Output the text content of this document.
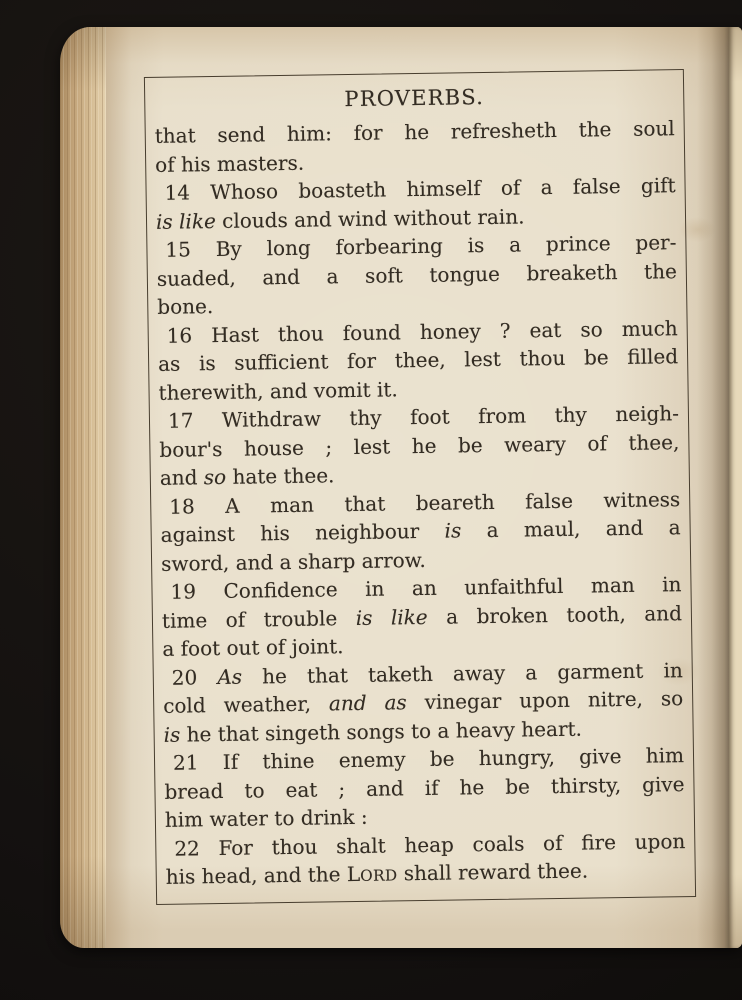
PROVERBS.
that send him: for he refresheth the soul
of his masters.
14 Whoso boasteth himself of a false gift
is like clouds and wind without rain.
15 By long forbearing is a prince per-
suaded, and a soft tongue breaketh the
bone.
16 Hast thou found honey ? eat so much
as is sufficient for thee, lest thou be filled
therewith, and vomit it.
17 Withdraw thy foot from thy neigh-
bour's house ; lest he be weary of thee,
and so hate thee.
18 A man that beareth false witness
against his neighbour is a maul, and a
sword, and a sharp arrow.
19 Confidence in an unfaithful man in
time of trouble is like a broken tooth, and
a foot out of joint.
20 As he that taketh away a garment in
cold weather, and as vinegar upon nitre, so
is he that singeth songs to a heavy heart.
21 If thine enemy be hungry, give him
bread to eat ; and if he be thirsty, give
him water to drink :
22 For thou shalt heap coals of fire upon
his head, and the LORD shall reward thee.
